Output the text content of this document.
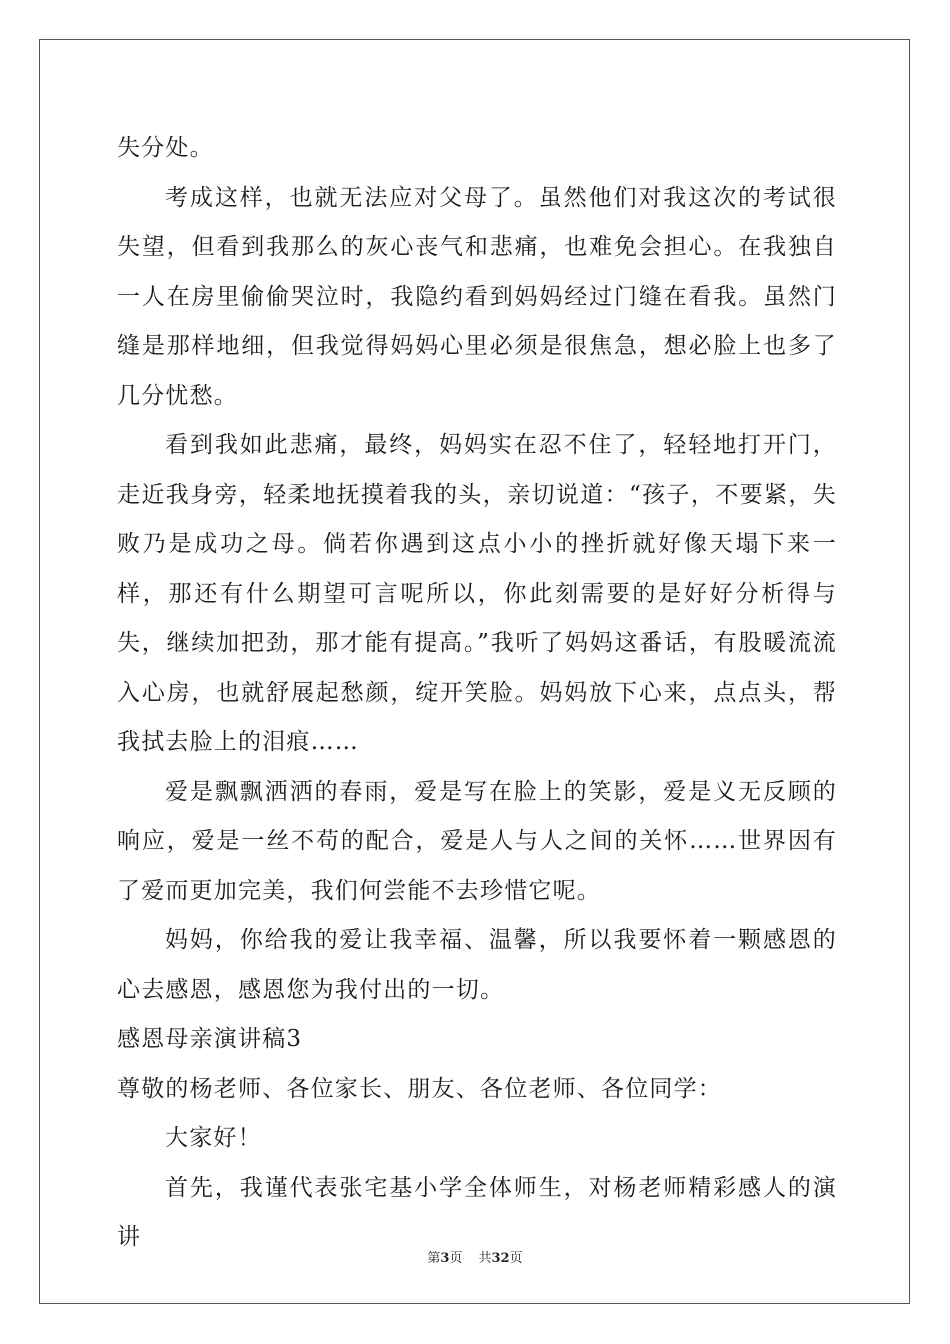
失分处。

考成这样，也就无法应对父母了。虽然他们对我这次的考试很失望，但看到我那么的灰心丧气和悲痛，也难免会担心。在我独自一人在房里偷偷哭泣时，我隐约看到妈妈经过门缝在看我。虽然门缝是那样地细，但我觉得妈妈心里必须是很焦急，想必脸上也多了几分忧愁。

看到我如此悲痛，最终，妈妈实在忍不住了，轻轻地打开门，走近我身旁，轻柔地抚摸着我的头，亲切说道：“孩子，不要紧，失败乃是成功之母。倘若你遇到这点小小的挫折就好像天塌下来一样，那还有什么期望可言呢所以，你此刻需要的是好好分析得与失，继续加把劲，那才能有提高。”我听了妈妈这番话，有股暖流流入心房，也就舒展起愁颜，绽开笑脸。妈妈放下心来，点点头，帮我拭去脸上的泪痕……

爱是飘飘洒洒的春雨，爱是写在脸上的笑影，爱是义无反顾的响应，爱是一丝不苟的配合，爱是人与人之间的关怀……世界因有了爱而更加完美，我们何尝能不去珍惜它呢。

妈妈，你给我的爱让我幸福、温馨，所以我要怀着一颗感恩的心去感恩，感恩您为我付出的一切。

感恩母亲演讲稿3

尊敬的杨老师、各位家长、朋友、各位老师、各位同学：

大家好！

首先，我谨代表张宅基小学全体师生，对杨老师精彩感人的演讲

第3页 共32页
